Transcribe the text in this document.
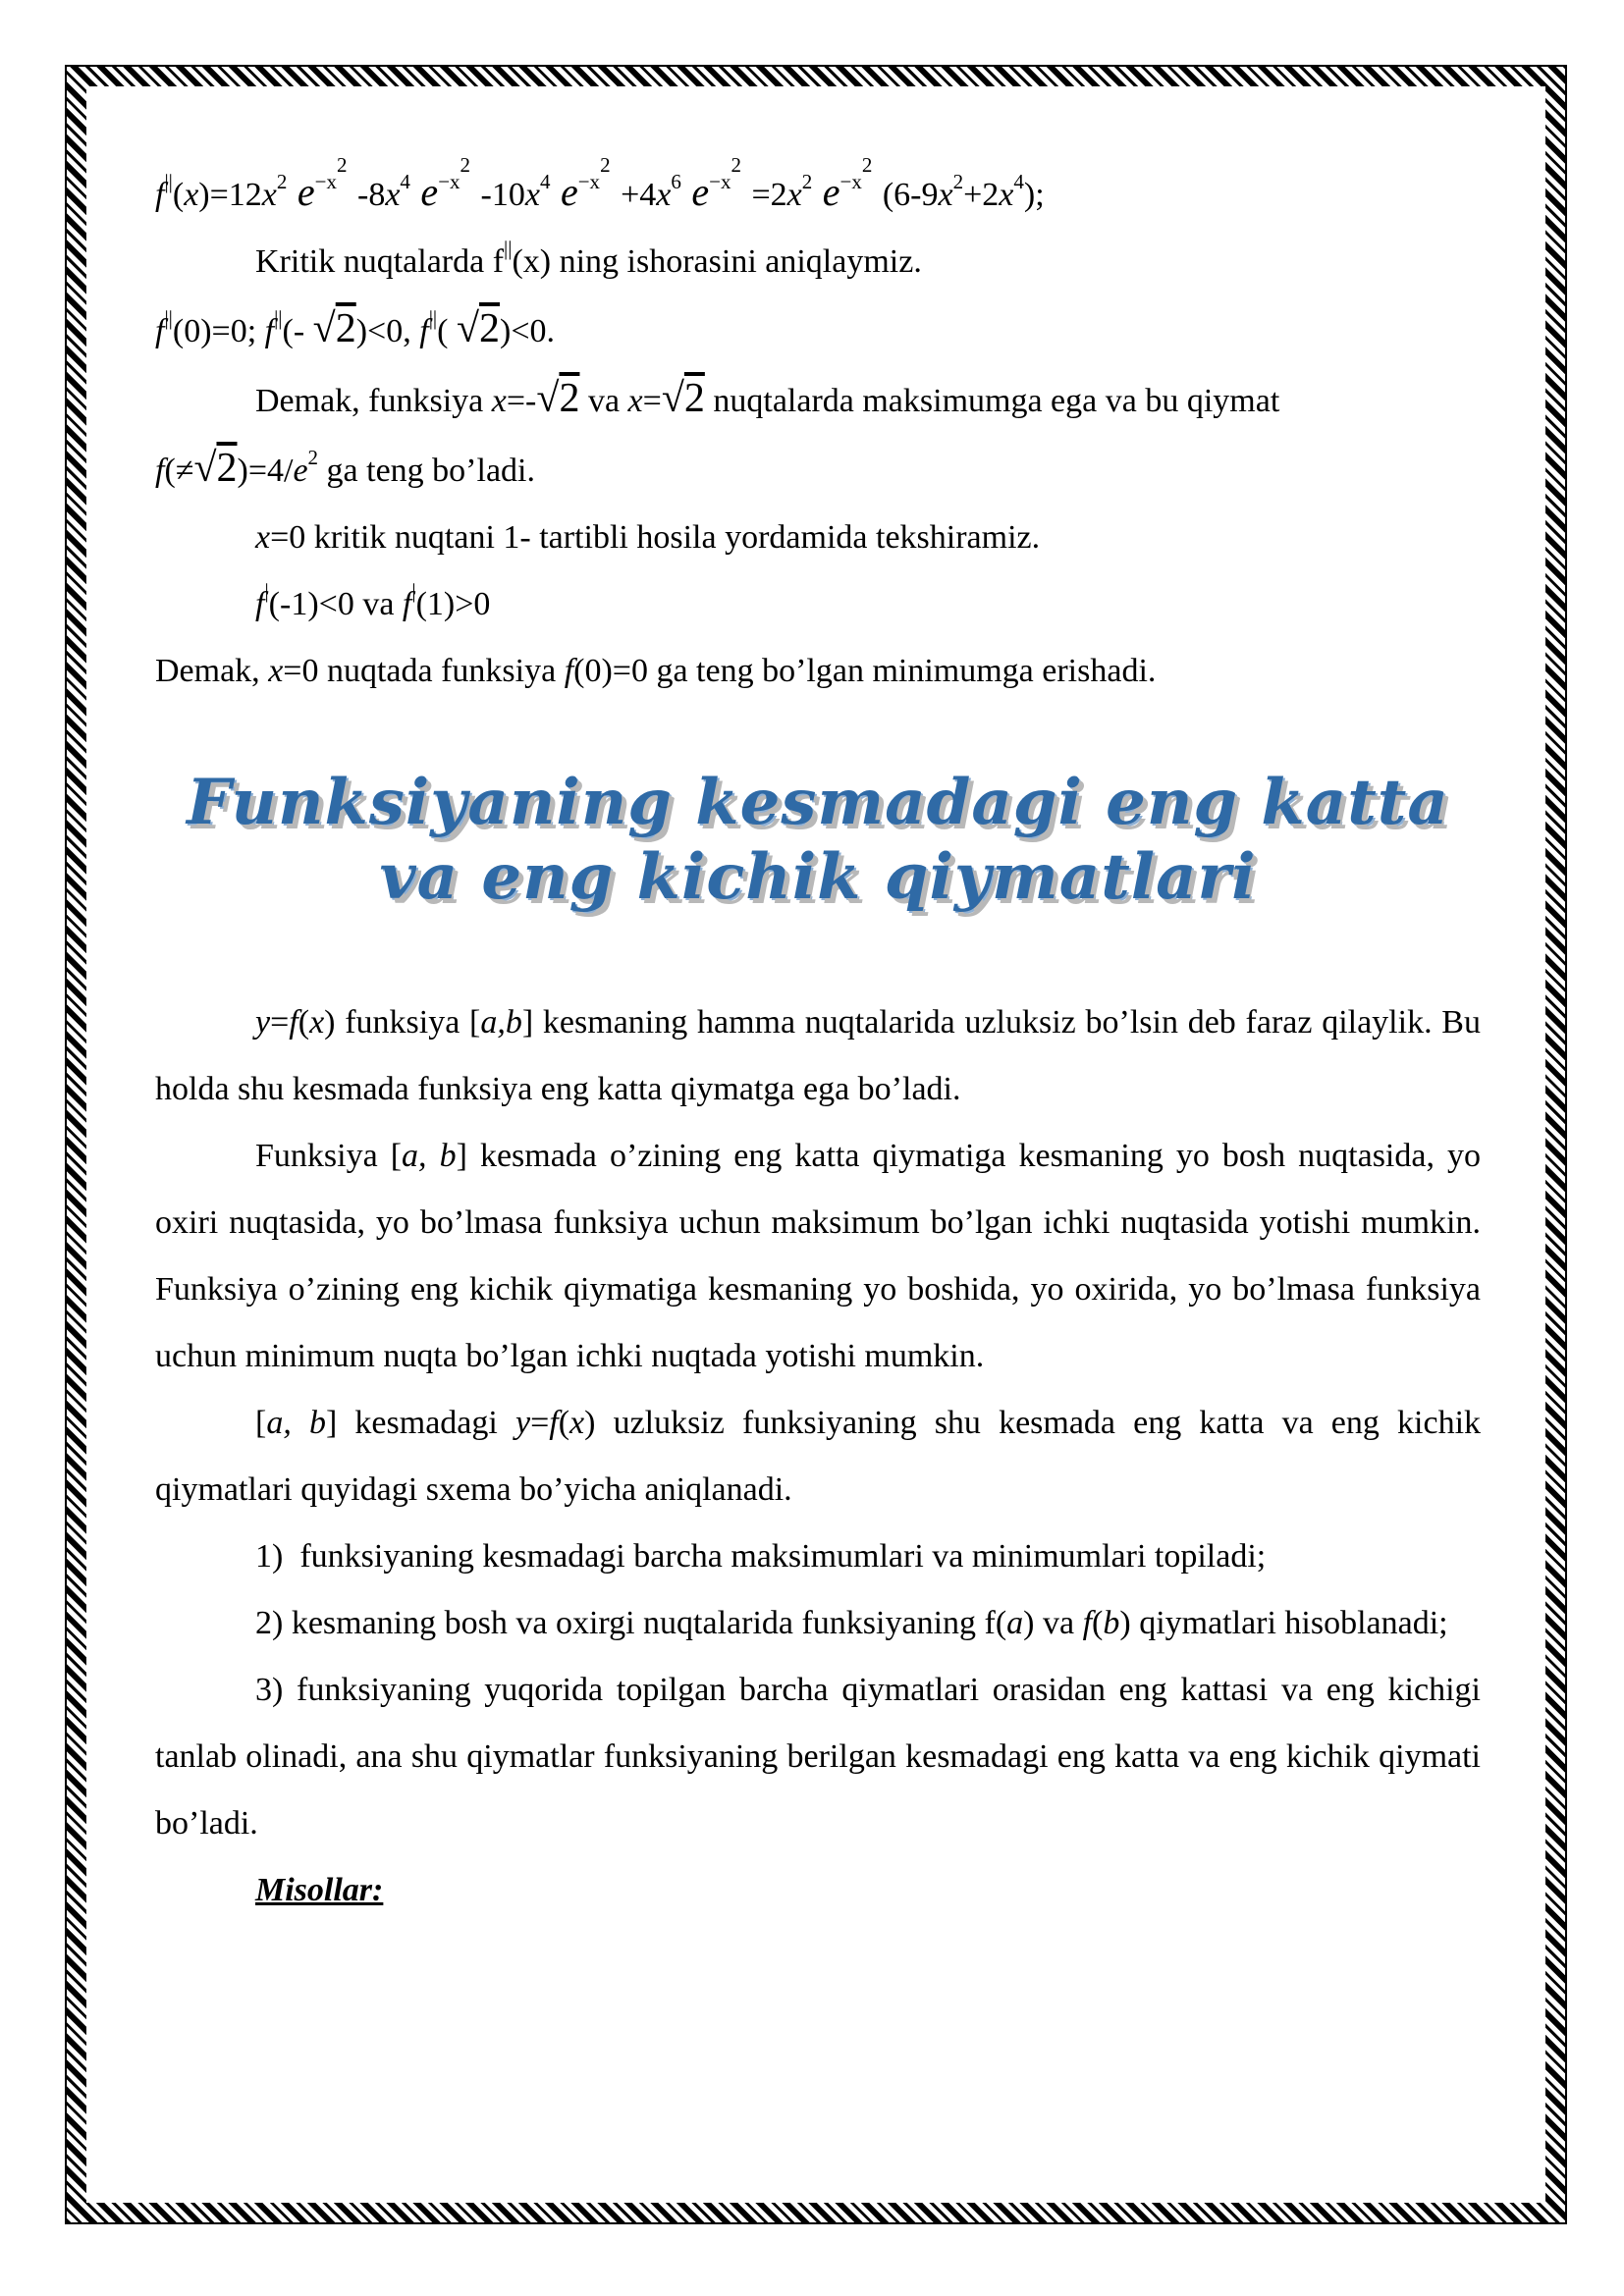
$f^{||}(x)=12x^2$ $e^{-x^2}$ $-8x^4$ $e^{-x^2}$ $-10x^4$ $e^{-x^2} +4x^6$ $e^{-x^2} =2x^2$ $e^{-x^2}$ $(6-9x^2+2x^4)$;

Kritik nuqtalarda f||(x) ning ishorasini aniqlaymiz.

f||(0)=0; f||(- √2)<0, f||( √2)<0.

Demak, funksiya x=-√2 va x=√2 nuqtalarda maksimumga ega va bu qiymat

$f(\ne√2)=4/e^2$ ga teng bo’ladi.

x=0 kritik nuqtani 1- tartibli hosila yordamida tekshiramiz.

f|(-1)<0 va f|(1)>0

Demak, x=0 nuqtada funksiya f(0)=0 ga teng bo’lgan minimumga erishadi.

Funksiyaning kesmadagi eng katta
va eng kichik qiymatlari

y=f(x) funksiya [a,b] kesmaning hamma nuqtalarida uzluksiz bo’lsin deb faraz qilaylik. Bu holda shu kesmada funksiya eng katta qiymatga ega bo’ladi.

Funksiya [a, b] kesmada o’zining eng katta qiymatiga kesmaning yo bosh nuqtasida, yo oxiri nuqtasida, yo bo’lmasa funksiya uchun maksimum bo’lgan ichki nuqtasida yotishi mumkin. Funksiya o’zining eng kichik qiymatiga kesmaning yo boshida, yo oxirida, yo bo’lmasa funksiya uchun minimum nuqta bo’lgan ichki nuqtada yotishi mumkin.

[a, b] kesmadagi y=f(x) uzluksiz funksiyaning shu kesmada eng katta va eng kichik qiymatlari quyidagi sxema bo’yicha aniqlanadi.

1)  funksiyaning kesmadagi barcha maksimumlari va minimumlari topiladi;

2) kesmaning bosh va oxirgi nuqtalarida funksiyaning f(a) va f(b) qiymatlari hisoblanadi;

3) funksiyaning yuqorida topilgan barcha qiymatlari orasidan eng kattasi va eng kichigi tanlab olinadi, ana shu qiymatlar funksiyaning berilgan kesmadagi eng katta va eng kichik qiymati bo’ladi.

Misollar:
